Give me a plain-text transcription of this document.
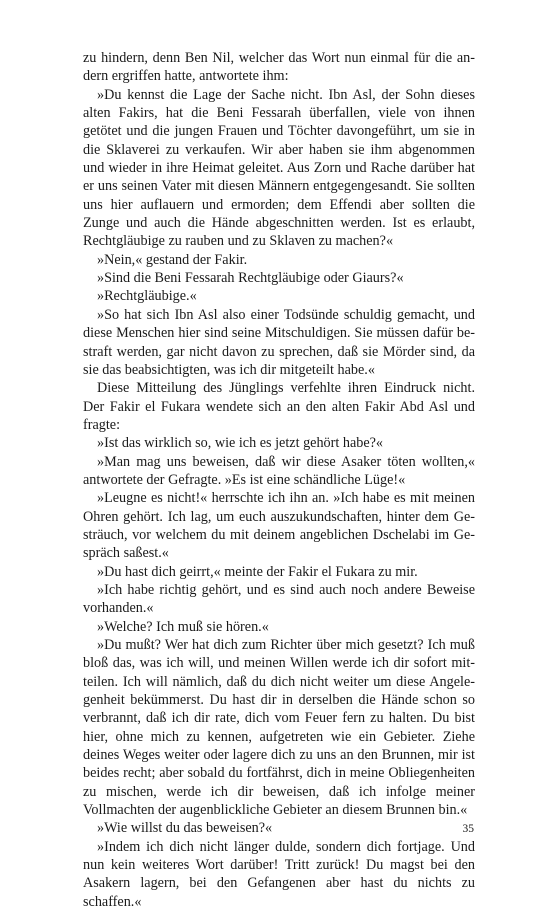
zu hindern, denn Ben Nil, welcher das Wort nun einmal für die andern ergriffen hatte, antwortete ihm:

»Du kennst die Lage der Sache nicht. Ibn Asl, der Sohn dieses alten Fakirs, hat die Beni Fessarah überfallen, viele von ihnen getötet und die jungen Frauen und Töchter davongeführt, um sie in die Sklaverei zu verkaufen. Wir aber haben sie ihm abgenommen und wieder in ihre Heimat geleitet. Aus Zorn und Rache darüber hat er uns seinen Vater mit diesen Männern entgegengesandt. Sie sollten uns hier auflauern und ermorden; dem Effendi aber sollten die Zunge und auch die Hände abgeschnitten werden. Ist es erlaubt, Rechtgläubige zu rauben und zu Sklaven zu machen?«

»Nein,« gestand der Fakir.

»Sind die Beni Fessarah Rechtgläubige oder Giaurs?«

»Rechtgläubige.«

»So hat sich Ibn Asl also einer Todsünde schuldig gemacht, und diese Menschen hier sind seine Mitschuldigen. Sie müssen dafür bestraft werden, gar nicht davon zu sprechen, daß sie Mörder sind, da sie das beabsichtigten, was ich dir mitgeteilt habe.«

Diese Mitteilung des Jünglings verfehlte ihren Eindruck nicht. Der Fakir el Fukara wendete sich an den alten Fakir Abd Asl und fragte:

»Ist das wirklich so, wie ich es jetzt gehört habe?«

»Man mag uns beweisen, daß wir diese Asaker töten wollten,« antwortete der Gefragte. »Es ist eine schändliche Lüge!«

»Leugne es nicht!« herrschte ich ihn an. »Ich habe es mit meinen Ohren gehört. Ich lag, um euch auszukundschaften, hinter dem Gesträuch, vor welchem du mit deinem angeblichen Dschelabi im Gespräch saßest.«

»Du hast dich geirrt,« meinte der Fakir el Fukara zu mir.

»Ich habe richtig gehört, und es sind auch noch andere Beweise vorhanden.«

»Welche? Ich muß sie hören.«

»Du mußt? Wer hat dich zum Richter über mich gesetzt? Ich muß bloß das, was ich will, und meinen Willen werde ich dir sofort mitteilen. Ich will nämlich, daß du dich nicht weiter um diese Angelegenheit bekümmerst. Du hast dir in derselben die Hände schon so verbrannt, daß ich dir rate, dich vom Feuer fern zu halten. Du bist hier, ohne mich zu kennen, aufgetreten wie ein Gebieter. Ziehe deines Weges weiter oder lagere dich zu uns an den Brunnen, mir ist beides recht; aber sobald du fortfährst, dich in meine Obliegenheiten zu mischen, werde ich dir beweisen, daß ich infolge meiner Vollmachten der augenblickliche Gebieter an diesem Brunnen bin.«

»Wie willst du das beweisen?«

»Indem ich dich nicht länger dulde, sondern dich fortjage. Und nun kein weiteres Wort darüber! Tritt zurück! Du magst bei den Asakern lagern, bei den Gefangenen aber hast du nichts zu schaffen.«

35
